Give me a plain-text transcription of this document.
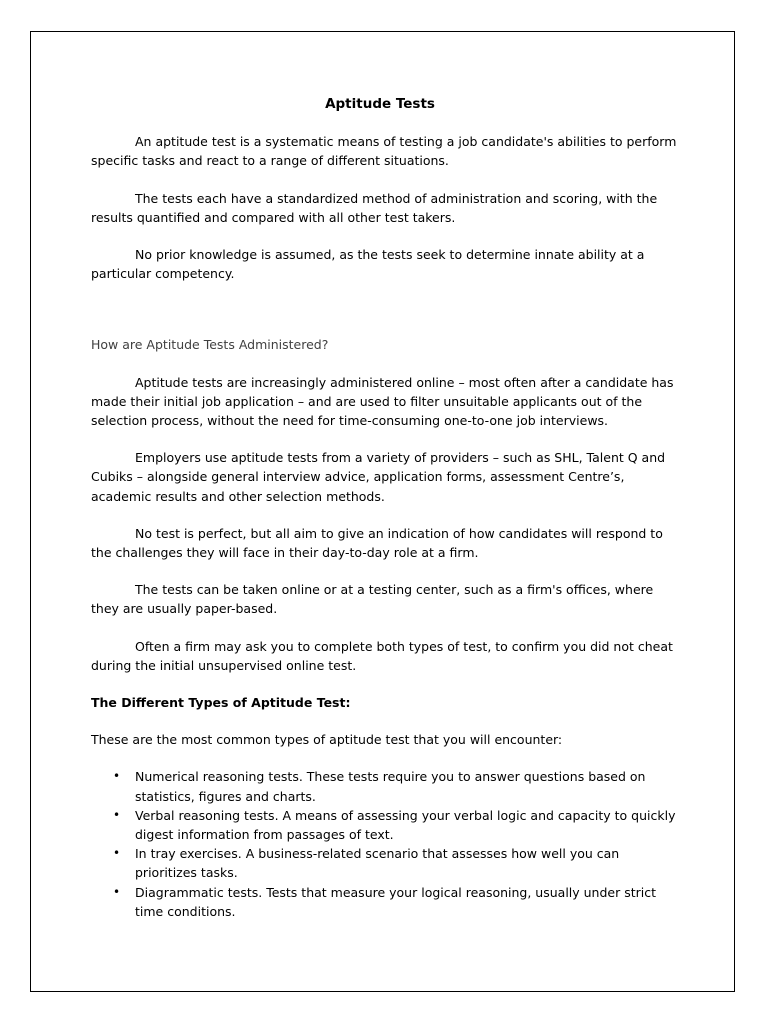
Aptitude Tests

An aptitude test is a systematic means of testing a job candidate's abilities to perform specific tasks and react to a range of different situations.

The tests each have a standardized method of administration and scoring, with the results quantified and compared with all other test takers.

No prior knowledge is assumed, as the tests seek to determine innate ability at a particular competency.

How are Aptitude Tests Administered?

Aptitude tests are increasingly administered online – most often after a candidate has made their initial job application – and are used to filter unsuitable applicants out of the selection process, without the need for time-consuming one-to-one job interviews.

Employers use aptitude tests from a variety of providers – such as SHL, Talent Q and Cubiks – alongside general interview advice, application forms, assessment Centre’s, academic results and other selection methods.

No test is perfect, but all aim to give an indication of how candidates will respond to the challenges they will face in their day-to-day role at a firm.

The tests can be taken online or at a testing center, such as a firm's offices, where they are usually paper-based.

Often a firm may ask you to complete both types of test, to confirm you did not cheat during the initial unsupervised online test.

The Different Types of Aptitude Test:

These are the most common types of aptitude test that you will encounter:

• Numerical reasoning tests. These tests require you to answer questions based on statistics, figures and charts.
• Verbal reasoning tests. A means of assessing your verbal logic and capacity to quickly digest information from passages of text.
• In tray exercises. A business-related scenario that assesses how well you can prioritizes tasks.
• Diagrammatic tests. Tests that measure your logical reasoning, usually under strict time conditions.
